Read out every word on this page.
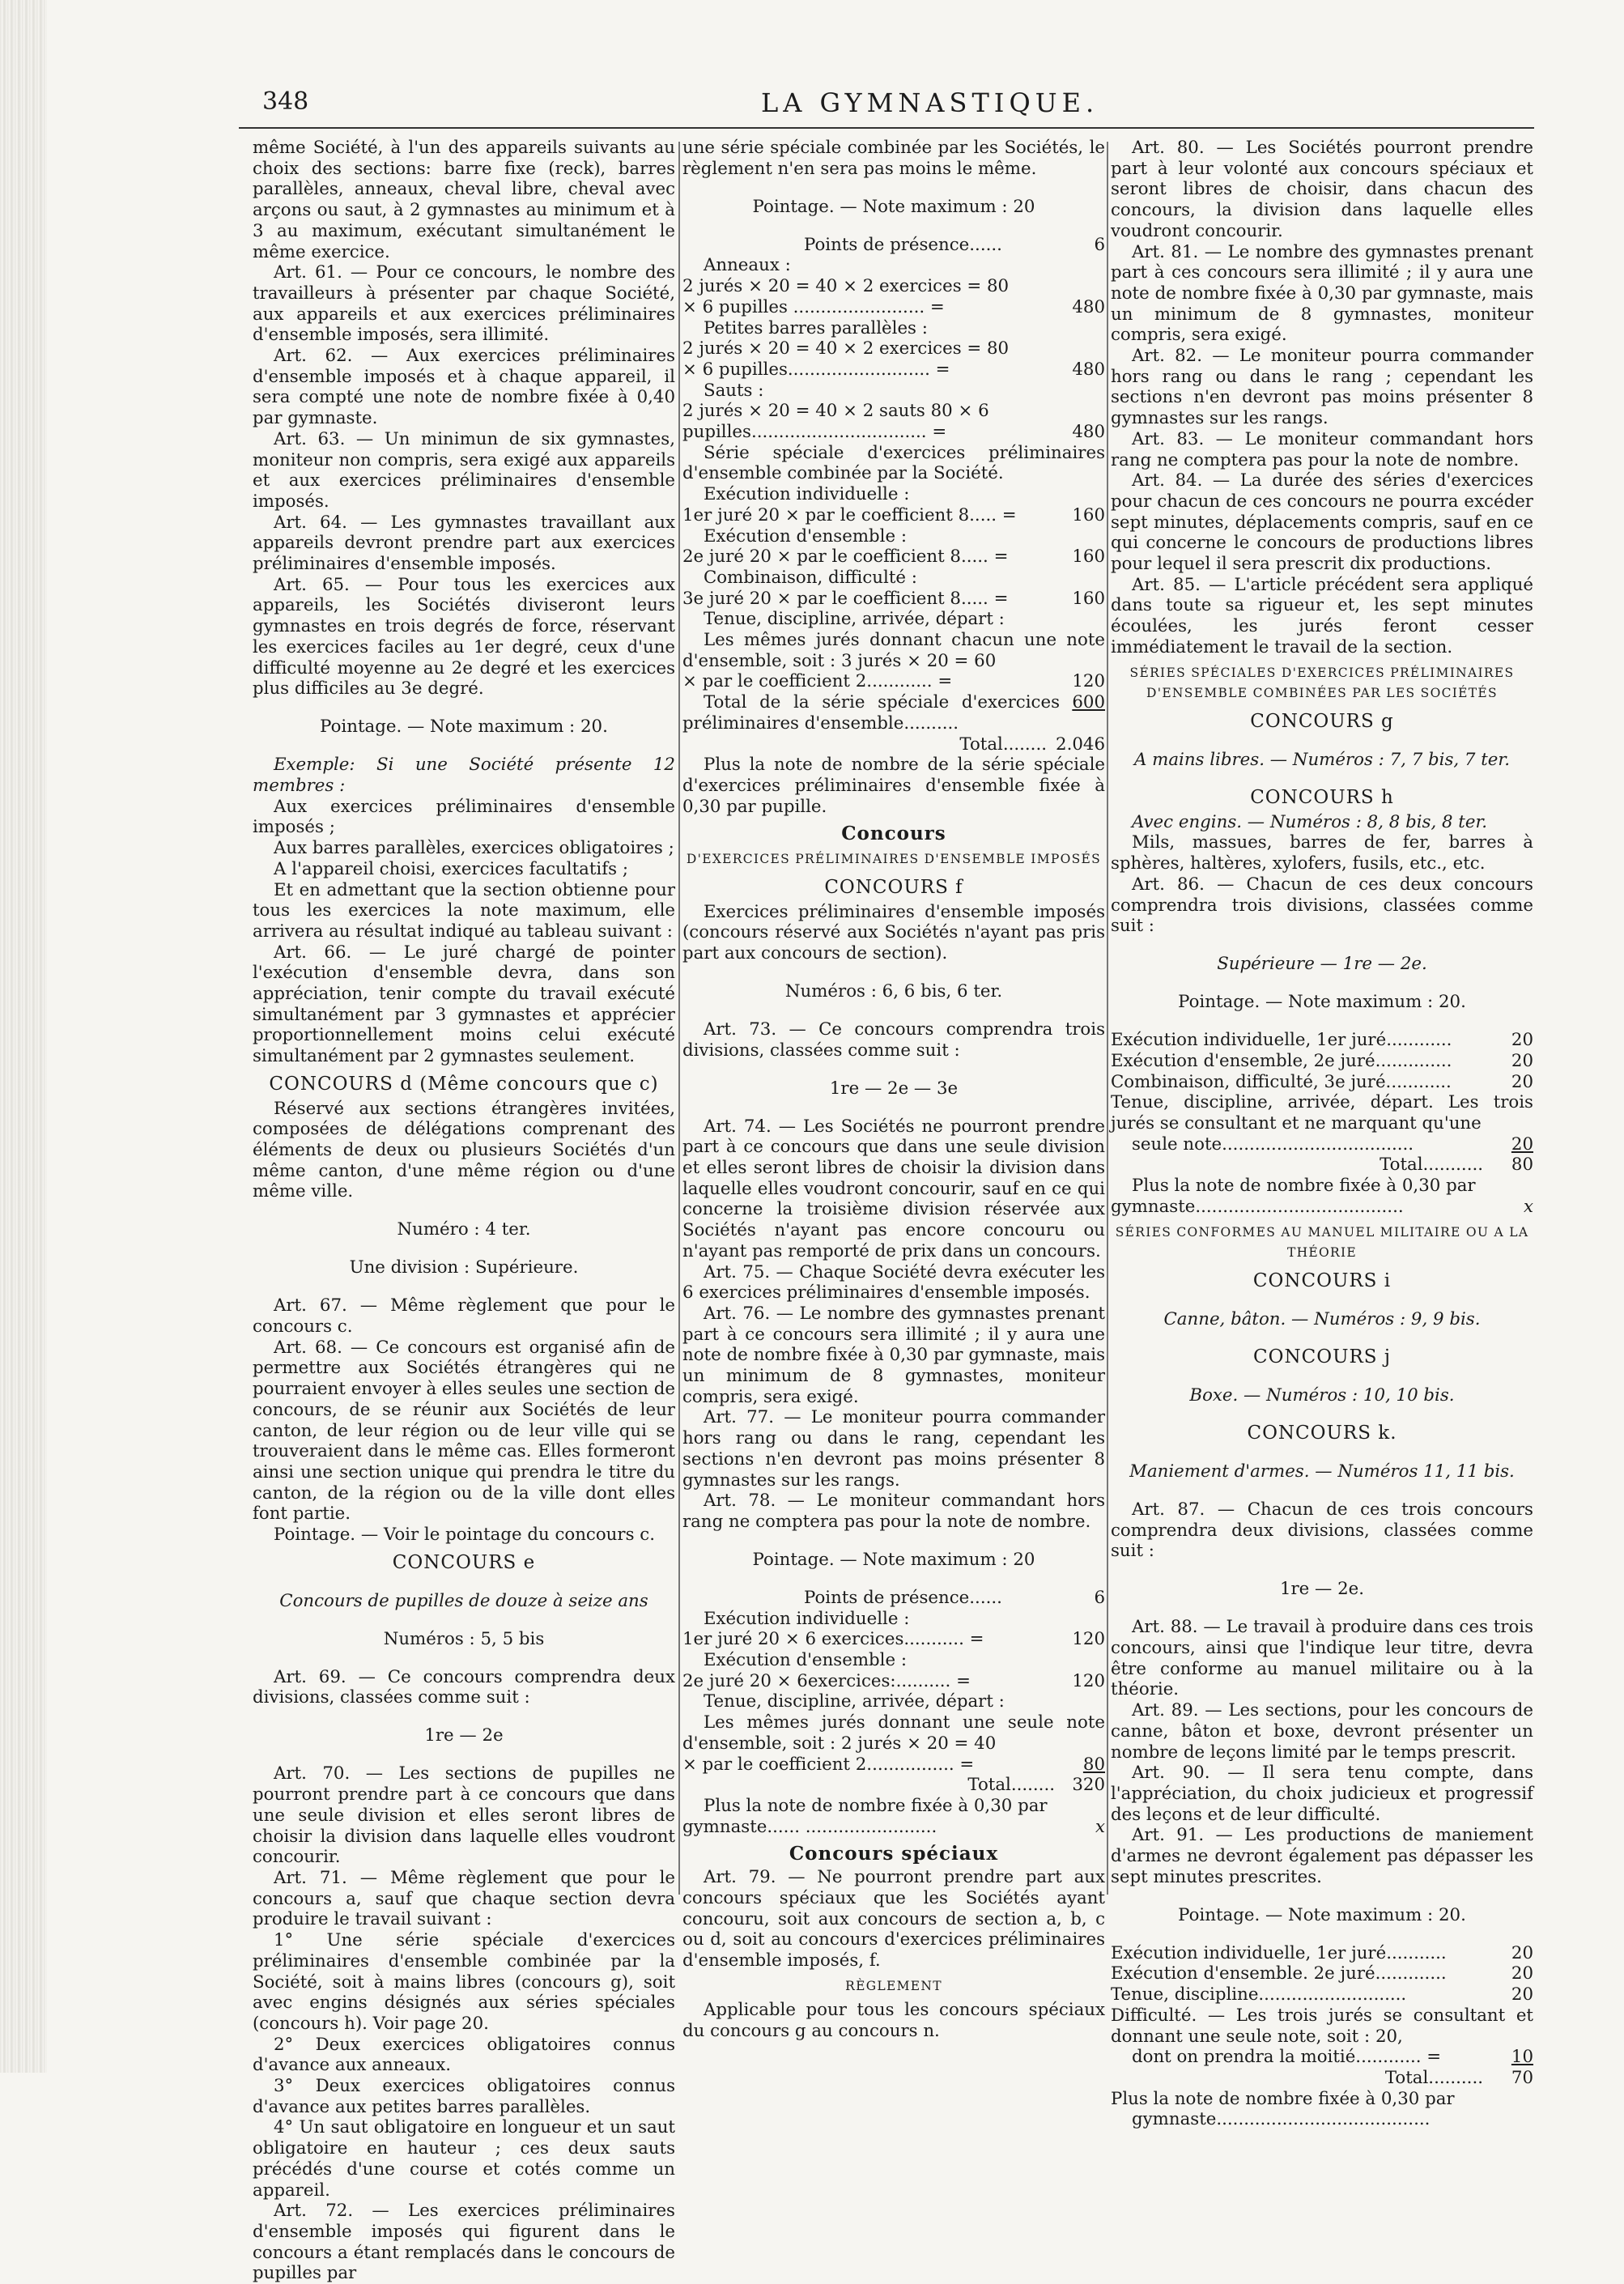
348	LA GYMNASTIQUE.

même Société, à l'un des appareils suivants au choix des sections: barre fixe (reck), barres parallèles, anneaux, cheval libre, cheval avec arçons ou saut, à 2 gymnastes au minimum et à 3 au maximum, exécutant simultanément le même exercice.

Art. 61. — Pour ce concours, le nombre des travailleurs à présenter par chaque Société, aux appareils et aux exercices préliminaires d'ensemble imposés, sera illimité.

Art. 62. — Aux exercices préliminaires d'ensemble imposés et à chaque appareil, il sera compté une note de nombre fixée à 0,40 par gymnaste.

Art. 63. — Un minimun de six gymnastes, moniteur non compris, sera exigé aux appareils et aux exercices préliminaires d'ensemble imposés.

Art. 64. — Les gymnastes travaillant aux appareils devront prendre part aux exercices préliminaires d'ensemble imposés.

Art. 65. — Pour tous les exercices aux appareils, les Sociétés diviseront leurs gymnastes en trois degrés de force, réservant les exercices faciles au 1er degré, ceux d'une difficulté moyenne au 2e degré et les exercices plus difficiles au 3e degré.

Pointage. — Note maximum : 20.

Exemple: Si une Société présente 12 membres :

Aux exercices préliminaires d'ensemble imposés ;

Aux barres parallèles, exercices obligatoires ;

A l'appareil choisi, exercices facultatifs ;

Et en admettant que la section obtienne pour tous les exercices la note maximum, elle arrivera au résultat indiqué au tableau suivant :

Art. 66. — Le juré chargé de pointer l'exécution d'ensemble devra, dans son appréciation, tenir compte du travail exécuté simultanément par 3 gymnastes et apprécier proportionnellement moins celui exécuté simultanément par 2 gymnastes seulement.

CONCOURS d (Même concours que c)

Réservé aux sections étrangères invitées, composées de délégations comprenant des éléments de deux ou plusieurs Sociétés d'un même canton, d'une même région ou d'une même ville.

Numéro : 4 ter.

Une division : Supérieure.

Art. 67. — Même règlement que pour le concours c.

Art. 68. — Ce concours est organisé afin de permettre aux Sociétés étrangères qui ne pourraient envoyer à elles seules une section de concours, de se réunir aux Sociétés de leur canton, de leur région ou de leur ville qui se trouveraient dans le même cas. Elles formeront ainsi une section unique qui prendra le titre du canton, de la région ou de la ville dont elles font partie.

Pointage. — Voir le pointage du concours c.

CONCOURS e

Concours de pupilles de douze à seize ans

Numéros : 5, 5 bis

Art. 69. — Ce concours comprendra deux divisions, classées comme suit :

1re — 2e

Art. 70. — Les sections de pupilles ne pourront prendre part à ce concours que dans une seule division et elles seront libres de choisir la division dans laquelle elles voudront concourir.

Art. 71. — Même règlement que pour le concours a, sauf que chaque section devra produire le travail suivant :

1° Une série spéciale d'exercices préliminaires d'ensemble combinée par la Société, soit à mains libres (concours g), soit avec engins désignés aux séries spéciales (concours h). Voir page 20.

2° Deux exercices obligatoires connus d'avance aux anneaux.

3° Deux exercices obligatoires connus d'avance aux petites barres parallèles.

4° Un saut obligatoire en longueur et un saut obligatoire en hauteur ; ces deux sauts précédés d'une course et cotés comme un appareil.

Art. 72. — Les exercices préliminaires d'ensemble imposés qui figurent dans le concours a étant remplacés dans le concours de pupilles par

une série spéciale combinée par les Sociétés, le règlement n'en sera pas moins le même.

Pointage. — Note maximum : 20

Points de présence......	6

Anneaux :

2 jurés × 20 = 40 × 2 exercices = 80

× 6 pupilles ........................ =	480

Petites barres parallèles :

2 jurés × 20 = 40 × 2 exercices = 80

× 6 pupilles.......................... =	480

Sauts :

2 jurés × 20 = 40 × 2 sauts 80 × 6

pupilles................................ =	480

Série spéciale d'exercices préliminaires d'ensemble combinée par la Société.

Exécution individuelle :

1er juré 20 × par le coefficient 8..... =	160

Exécution d'ensemble :

2e juré 20 × par le coefficient 8..... =	160

Combinaison, difficulté :

3e juré 20 × par le coefficient 8..... =	160

Tenue, discipline, arrivée, départ :

Les mêmes jurés donnant chacun une note d'ensemble, soit : 3 jurés × 20 = 60

× par le coefficient 2............ =	120
Total de la série spéciale d'exercices préliminaires d'ensemble..........
600
Total........ 2.046

Plus la note de nombre de la série spéciale d'exercices préliminaires d'ensemble fixée à 0,30 par pupille.

Concours

D'EXERCICES PRÉLIMINAIRES D'ENSEMBLE IMPOSÉS

CONCOURS f

Exercices préliminaires d'ensemble imposés (concours réservé aux Sociétés n'ayant pas pris part aux concours de section).

Numéros : 6, 6 bis, 6 ter.

Art. 73. — Ce concours comprendra trois divisions, classées comme suit :

1re — 2e — 3e

Art. 74. — Les Sociétés ne pourront prendre part à ce concours que dans une seule division et elles seront libres de choisir la division dans laquelle elles voudront concourir, sauf en ce qui concerne la troisième division réservée aux Sociétés n'ayant pas encore concouru ou n'ayant pas remporté de prix dans un concours.

Art. 75. — Chaque Société devra exécuter les 6 exercices préliminaires d'ensemble imposés.

Art. 76. — Le nombre des gymnastes prenant part à ce concours sera illimité ; il y aura une note de nombre fixée à 0,30 par gymnaste, mais un minimum de 8 gymnastes, moniteur compris, sera exigé.

Art. 77. — Le moniteur pourra commander hors rang ou dans le rang, cependant les sections n'en devront pas moins présenter 8 gymnastes sur les rangs.

Art. 78. — Le moniteur commandant hors rang ne comptera pas pour la note de nombre.

Pointage. — Note maximum : 20

Points de présence......	6

Exécution individuelle :

1er juré 20 × 6 exercices........... =	120

Exécution d'ensemble :

2e juré 20 × 6exercices:.......... =	120

Tenue, discipline, arrivée, départ :

Les mêmes jurés donnant une seule note d'ensemble, soit : 2 jurés × 20 = 40

× par le coefficient 2................ =	80
Total........	320

Plus la note de nombre fixée à 0,30 par

gymnaste...... ........................	x

Concours spéciaux

Art. 79. — Ne pourront prendre part aux concours spéciaux que les Sociétés ayant concouru, soit aux concours de section a, b, c ou d, soit au concours d'exercices préliminaires d'ensemble imposés, f.

RÈGLEMENT

Applicable pour tous les concours spéciaux du concours g au concours n.

Art. 80. — Les Sociétés pourront prendre part à leur volonté aux concours spéciaux et seront libres de choisir, dans chacun des concours, la division dans laquelle elles voudront concourir.

Art. 81. — Le nombre des gymnastes prenant part à ces concours sera illimité ; il y aura une note de nombre fixée à 0,30 par gymnaste, mais un minimum de 8 gymnastes, moniteur compris, sera exigé.

Art. 82. — Le moniteur pourra commander hors rang ou dans le rang ; cependant les sections n'en devront pas moins présenter 8 gymnastes sur les rangs.

Art. 83. — Le moniteur commandant hors rang ne comptera pas pour la note de nombre.

Art. 84. — La durée des séries d'exercices pour chacun de ces concours ne pourra excéder sept minutes, déplacements compris, sauf en ce qui concerne le concours de productions libres pour lequel il sera prescrit dix productions.

Art. 85. — L'article précédent sera appliqué dans toute sa rigueur et, les sept minutes écoulées, les jurés feront cesser immédiatement le travail de la section.

SÉRIES SPÉCIALES D'EXERCICES PRÉLIMINAIRES D'ENSEMBLE COMBINÉES PAR LES SOCIÉTÉS

CONCOURS g

A mains libres. — Numéros : 7, 7 bis, 7 ter.

CONCOURS h

Avec engins. — Numéros : 8, 8 bis, 8 ter.

Mils, massues, barres de fer, barres à sphères, haltères, xylofers, fusils, etc., etc.

Art. 86. — Chacun de ces deux concours comprendra trois divisions, classées comme suit :

Supérieure — 1re — 2e.

Pointage. — Note maximum : 20.

Exécution individuelle, 1er juré............	20
Exécution d'ensemble, 2e juré..............	20
Combinaison, difficulté, 3e juré............	20

Tenue, discipline, arrivée, départ. Les trois jurés se consultant et ne marquant qu'une

seule note...................................	20
Total...........	80

Plus la note de nombre fixée à 0,30 par

gymnaste......................................	x

SÉRIES CONFORMES AU MANUEL MILITAIRE OU A LA THÉORIE

CONCOURS i

Canne, bâton. — Numéros : 9, 9 bis.

CONCOURS j

Boxe. — Numéros : 10, 10 bis.

CONCOURS k.

Maniement d'armes. — Numéros 11, 11 bis.

Art. 87. — Chacun de ces trois concours comprendra deux divisions, classées comme suit :

1re — 2e.

Art. 88. — Le travail à produire dans ces trois concours, ainsi que l'indique leur titre, devra être conforme au manuel militaire ou à la théorie.

Art. 89. — Les sections, pour les concours de canne, bâton et boxe, devront présenter un nombre de leçons limité par le temps prescrit.

Art. 90. — Il sera tenu compte, dans l'appréciation, du choix judicieux et progressif des leçons et de leur difficulté.

Art. 91. — Les productions de maniement d'armes ne devront également pas dépasser les sept minutes prescrites.

Pointage. — Note maximum : 20.

Exécution individuelle, 1er juré...........	20
Exécution d'ensemble. 2e juré.............	20
Tenue, discipline...........................	20

Difficulté. — Les trois jurés se consultant et donnant une seule note, soit : 20,

dont on prendra la moitié............ =	10
Total..........	70

Plus la note de nombre fixée à 0,30 par

gymnaste.......................................
